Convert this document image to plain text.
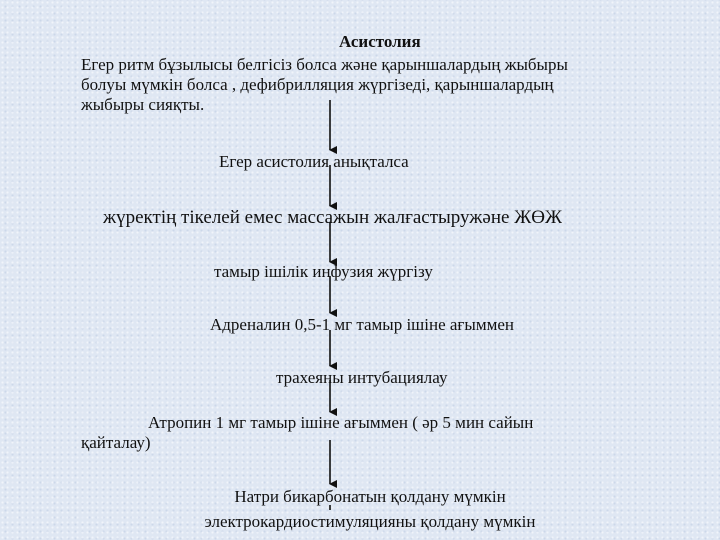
Асистолия
Егер ритм бұзылысы белгісіз болса және қарыншалардың жыбыры
болуы мүмкін болса , дефибрилляция жүргізеді, қарыншалардың
жыбыры сияқты.
Егер асистолия анықталса
жүректің тікелей емес массажын жалғастыружәне ЖӨЖ
тамыр ішілік инфузия жүргізу
Адреналин 0,5-1 мг тамыр ішіне ағыммен
трахеяны интубациялау
Атропин 1 мг тамыр ішіне ағыммен ( әр 5 мин сайын
қайталау)
Натри бикарбонатын қолдану мүмкін
электрокардиостимуляцияны қолдану мүмкін
